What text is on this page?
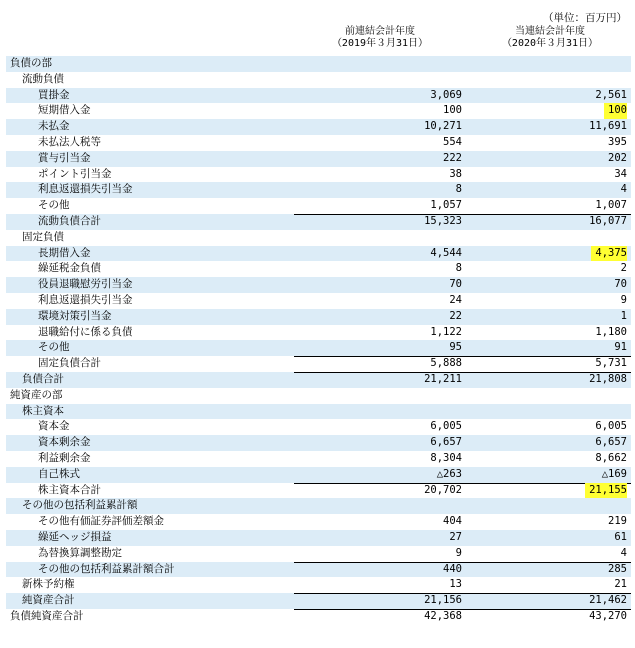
（単位：百万円）
前連結会計年度
（2019年３月31日）
当連結会計年度
（2020年３月31日）
負債の部
流動負債
買掛金	3,069	2,561
短期借入金	100	100
未払金	10,271	11,691
未払法人税等	554	395
賞与引当金	222	202
ポイント引当金	38	34
利息返還損失引当金	8	4
その他	1,057	1,007
流動負債合計	15,323	16,077
固定負債
長期借入金	4,544	4,375
繰延税金負債	8	2
役員退職慰労引当金	70	70
利息返還損失引当金	24	9
環境対策引当金	22	1
退職給付に係る負債	1,122	1,180
その他	95	91
固定負債合計	5,888	5,731
負債合計	21,211	21,808
純資産の部
株主資本
資本金	6,005	6,005
資本剰余金	6,657	6,657
利益剰余金	8,304	8,662
自己株式	△263	△169
株主資本合計	20,702	21,155
その他の包括利益累計額
その他有価証券評価差額金	404	219
繰延ヘッジ損益	27	61
為替換算調整勘定	9	4
その他の包括利益累計額合計	440	285
新株予約権	13	21
純資産合計	21,156	21,462
負債純資産合計	42,368	43,270
